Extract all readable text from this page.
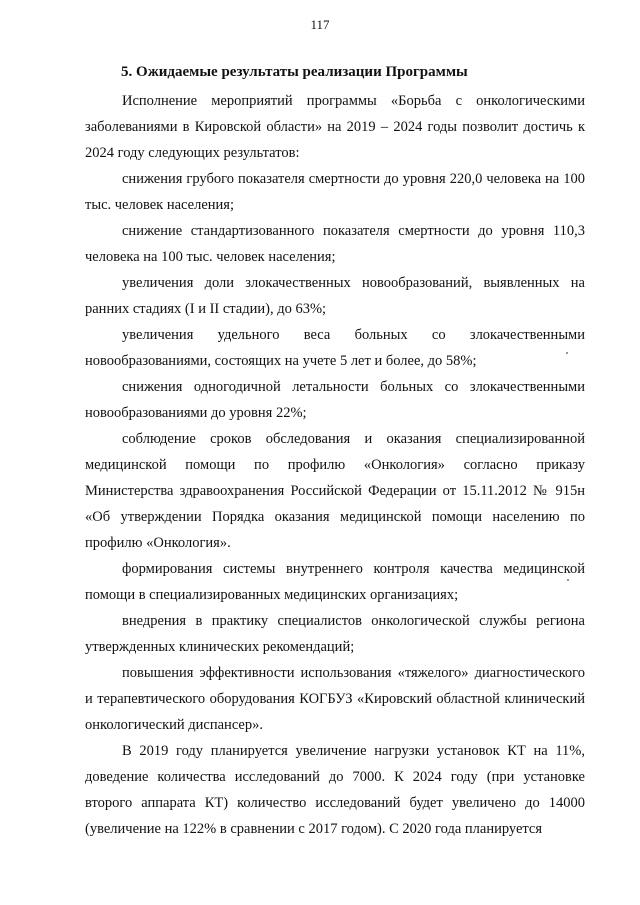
117
5. Ожидаемые результаты реализации Программы

Исполнение мероприятий программы «Борьба с онкологическими заболеваниями в Кировской области» на 2019 – 2024 годы позволит достичь к 2024 году следующих результатов:

снижения грубого показателя смертности до уровня 220,0 человека на 100 тыс. человек населения;

снижение стандартизованного показателя смертности до уровня 110,3 человека на 100 тыс. человек населения;

увеличения доли злокачественных новообразований, выявленных на ранних стадиях (I и II стадии), до 63%;

увеличения удельного веса больных со злокачественными новообразованиями, состоящих на учете 5 лет и более, до 58%;

снижения одногодичной летальности больных со злокачественными новообразованиями до уровня 22%;

соблюдение сроков обследования и оказания специализированной медицинской помощи по профилю «Онкология» согласно приказу Министерства здравоохранения Российской Федерации от 15.11.2012 № 915н «Об утверждении Порядка оказания медицинской помощи населению по профилю «Онкология».

формирования системы внутреннего контроля качества медицинской помощи в специализированных медицинских организациях;

внедрения в практику специалистов онкологической службы региона утвержденных клинических рекомендаций;

повышения эффективности использования «тяжелого» диагностического и терапевтического оборудования КОГБУЗ «Кировский областной клинический онкологический диспансер».

В 2019 году планируется увеличение нагрузки установок КТ на 11%, доведение количества исследований до 7000. К 2024 году (при установке второго аппарата КТ) количество исследований будет увеличено до 14000 (увеличение на 122% в сравнении с 2017 годом). С 2020 года планируется
